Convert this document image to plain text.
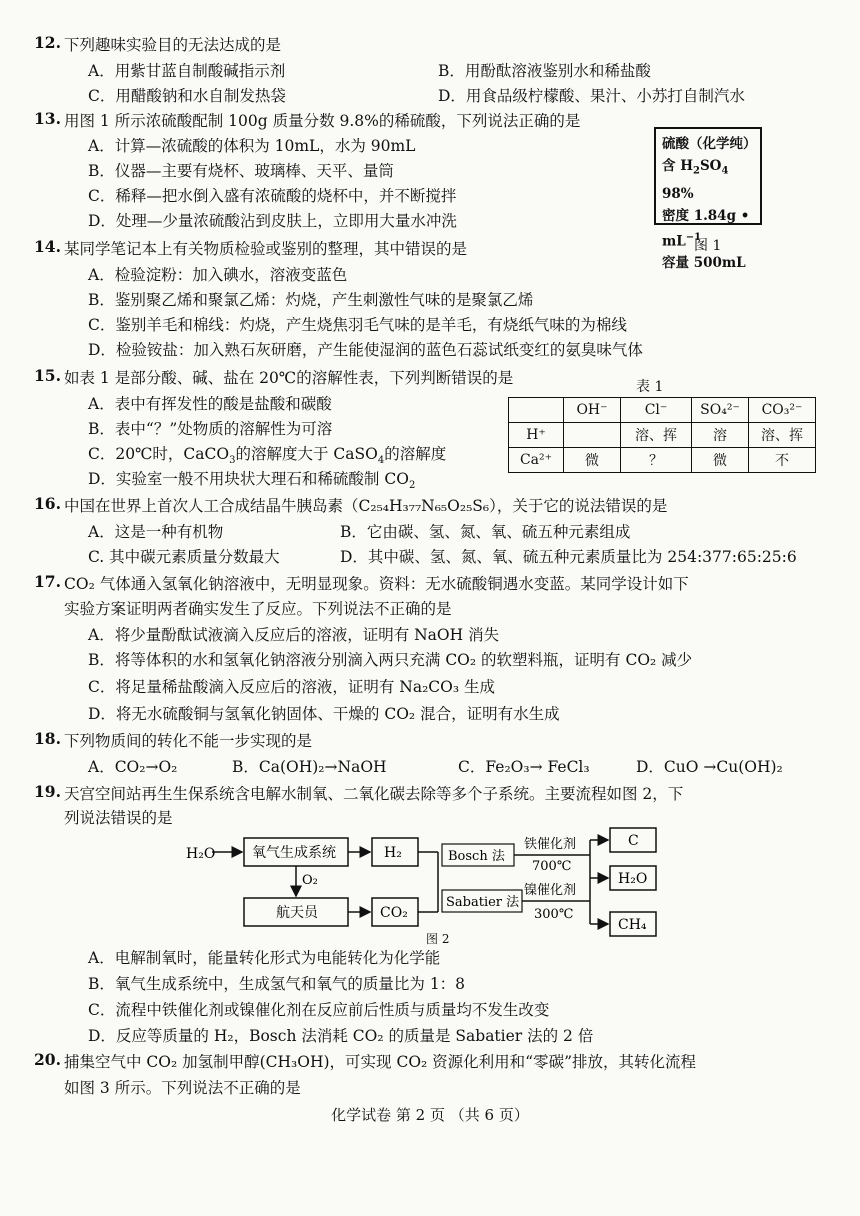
12. 下列趣味实验目的无法达成的是
A．用紫甘蓝自制酸碱指示剂	B．用酚酞溶液鉴别水和稀盐酸
C．用醋酸钠和水自制发热袋	D．用食品级柠檬酸、果汁、小苏打自制汽水
13. 用图 1 所示浓硫酸配制 100g 质量分数 9.8%的稀硫酸，下列说法正确的是
A．计算—浓硫酸的体积为 10mL，水为 90mL
B．仪器—主要有烧杯、玻璃棒、天平、量筒
C．稀释—把水倒入盛有浓硫酸的烧杯中，并不断搅拌
D．处理—少量浓硫酸沾到皮肤上，立即用大量水冲洗
硫酸（化学纯）
含 $H_2SO_4$ 98%
密度 1.84g • $mL^{-1}$
容量 500mL
图 1
14. 某同学笔记本上有关物质检验或鉴别的整理，其中错误的是
A．检验淀粉：加入碘水，溶液变蓝色
B．鉴别聚乙烯和聚氯乙烯：灼烧，产生刺激性气味的是聚氯乙烯
C．鉴别羊毛和棉线：灼烧，产生烧焦羽毛气味的是羊毛，有烧纸气味的为棉线
D．检验铵盐：加入熟石灰研磨，产生能使湿润的蓝色石蕊试纸变红的氨臭味气体
15. 如表 1 是部分酸、碱、盐在 20℃的溶解性表，下列判断错误的是
A．表中有挥发性的酸是盐酸和碳酸
B．表中“？”处物质的溶解性为可溶
C．20℃时，CaCO$_3$的溶解度大于 CaSO$_4$的溶解度
D．实验室一般不用块状大理石和稀硫酸制 $CO_2$
表 1
	OH⁻	Cl⁻	SO₄²⁻	CO₃²⁻
H⁺		溶、挥	溶	溶、挥
Ca²⁺	微	？	微	不
16. 中国在世界上首次人工合成结晶牛胰岛素（C₂₅₄H₃₇₇N₆₅O₂₅S₆），关于它的说法错误的是
A．这是一种有机物	B．它由碳、氢、氮、氧、硫五种元素组成
C. 其中碳元素质量分数最大	D．其中碳、氢、氮、氧、硫五种元素质量比为 254:377:65:25:6
17. CO₂ 气体通入氢氧化钠溶液中，无明显现象。资料：无水硫酸铜遇水变蓝。某同学设计如下
实验方案证明两者确实发生了反应。下列说法不正确的是
A．将少量酚酞试液滴入反应后的溶液，证明有 NaOH 消失
B．将等体积的水和氢氧化钠溶液分别滴入两只充满 CO₂ 的软塑料瓶，证明有 CO₂ 减少
C．将足量稀盐酸滴入反应后的溶液，证明有 Na₂CO₃ 生成
D．将无水硫酸铜与氢氧化钠固体、干燥的 CO₂ 混合，证明有水生成
18. 下列物质间的转化不能一步实现的是
A．CO₂→O₂	B．Ca(OH)₂→NaOH	C．Fe₂O₃→ FeCl₃	D．CuO →Cu(OH)₂
19. 天宫空间站再生生保系统含电解水制氧、二氧化碳去除等多个子系统。主要流程如图 2，下
列说法错误的是
H₂O	氧气生成系统	H₂
O₂
航天员	CO₂
Bosch 法
Sabatier 法
铁催化剂
700℃
镍催化剂
300℃
C
H₂O
CH₄
图 2
A．电解制氧时，能量转化形式为电能转化为化学能
B．氧气生成系统中，生成氢气和氧气的质量比为 1：8
C．流程中铁催化剂或镍催化剂在反应前后性质与质量均不发生改变
D．反应等质量的 H₂，Bosch 法消耗 CO₂ 的质量是 Sabatier 法的 2 倍
20. 捕集空气中 CO₂ 加氢制甲醇(CH₃OH)，可实现 CO₂ 资源化利用和“零碳”排放，其转化流程
如图 3 所示。下列说法不正确的是
化学试卷 第 2 页 （共 6 页）
